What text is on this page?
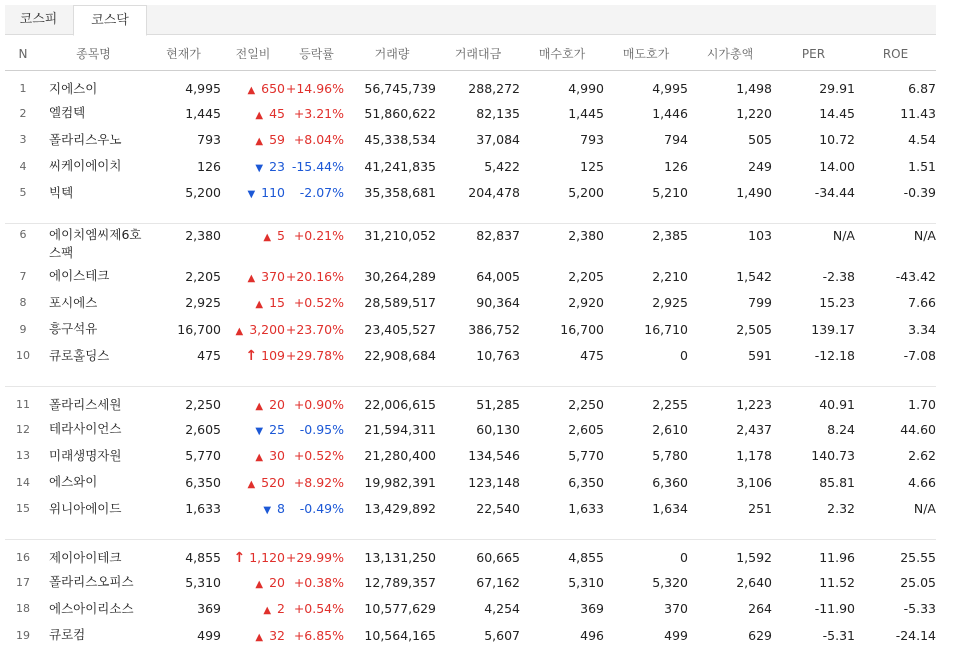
코스피	코스닥
N	종목명	현재가	전일비	등락률	거래량	거래대금	매수호가	매도호가	시가총액	PER	ROE
1	지에스이	4,995	▲ 650	+14.96%	56,745,739	288,272	4,990	4,995	1,498	29.91	6.87
2	엘컴텍	1,445	▲ 45	+3.21%	51,860,622	82,135	1,445	1,446	1,220	14.45	11.43
3	폴라리스우노	793	▲ 59	+8.04%	45,338,534	37,084	793	794	505	10.72	4.54
4	씨케이에이치	126	▼ 23	-15.44%	41,241,835	5,422	125	126	249	14.00	1.51
5	빅텍	5,200	▼ 110	-2.07%	35,358,681	204,478	5,200	5,210	1,490	-34.44	-0.39

6	에이치엠씨제6호스팩	2,380	▲ 5	+0.21%	31,210,052	82,837	2,380	2,385	103	N/A	N/A
7	에이스테크	2,205	▲ 370	+20.16%	30,264,289	64,005	2,205	2,210	1,542	-2.38	-43.42
8	포시에스	2,925	▲ 15	+0.52%	28,589,517	90,364	2,920	2,925	799	15.23	7.66
9	흥구석유	16,700	▲ 3,200	+23.70%	23,405,527	386,752	16,700	16,710	2,505	139.17	3.34
10	큐로홀딩스	475	↑ 109	+29.78%	22,908,684	10,763	475	0	591	-12.18	-7.08

11	폴라리스세원	2,250	▲ 20	+0.90%	22,006,615	51,285	2,250	2,255	1,223	40.91	1.70
12	테라사이언스	2,605	▼ 25	-0.95%	21,594,311	60,130	2,605	2,610	2,437	8.24	44.60
13	미래생명자원	5,770	▲ 30	+0.52%	21,280,400	134,546	5,770	5,780	1,178	140.73	2.62
14	에스와이	6,350	▲ 520	+8.92%	19,982,391	123,148	6,350	6,360	3,106	85.81	4.66
15	위니아에이드	1,633	▼ 8	-0.49%	13,429,892	22,540	1,633	1,634	251	2.32	N/A

16	제이아이테크	4,855	↑ 1,120	+29.99%	13,131,250	60,665	4,855	0	1,592	11.96	25.55
17	폴라리스오피스	5,310	▲ 20	+0.38%	12,789,357	67,162	5,310	5,320	2,640	11.52	25.05
18	에스아이리소스	369	▲ 2	+0.54%	10,577,629	4,254	369	370	264	-11.90	-5.33
19	큐로컴	499	▲ 32	+6.85%	10,564,165	5,607	496	499	629	-5.31	-24.14
